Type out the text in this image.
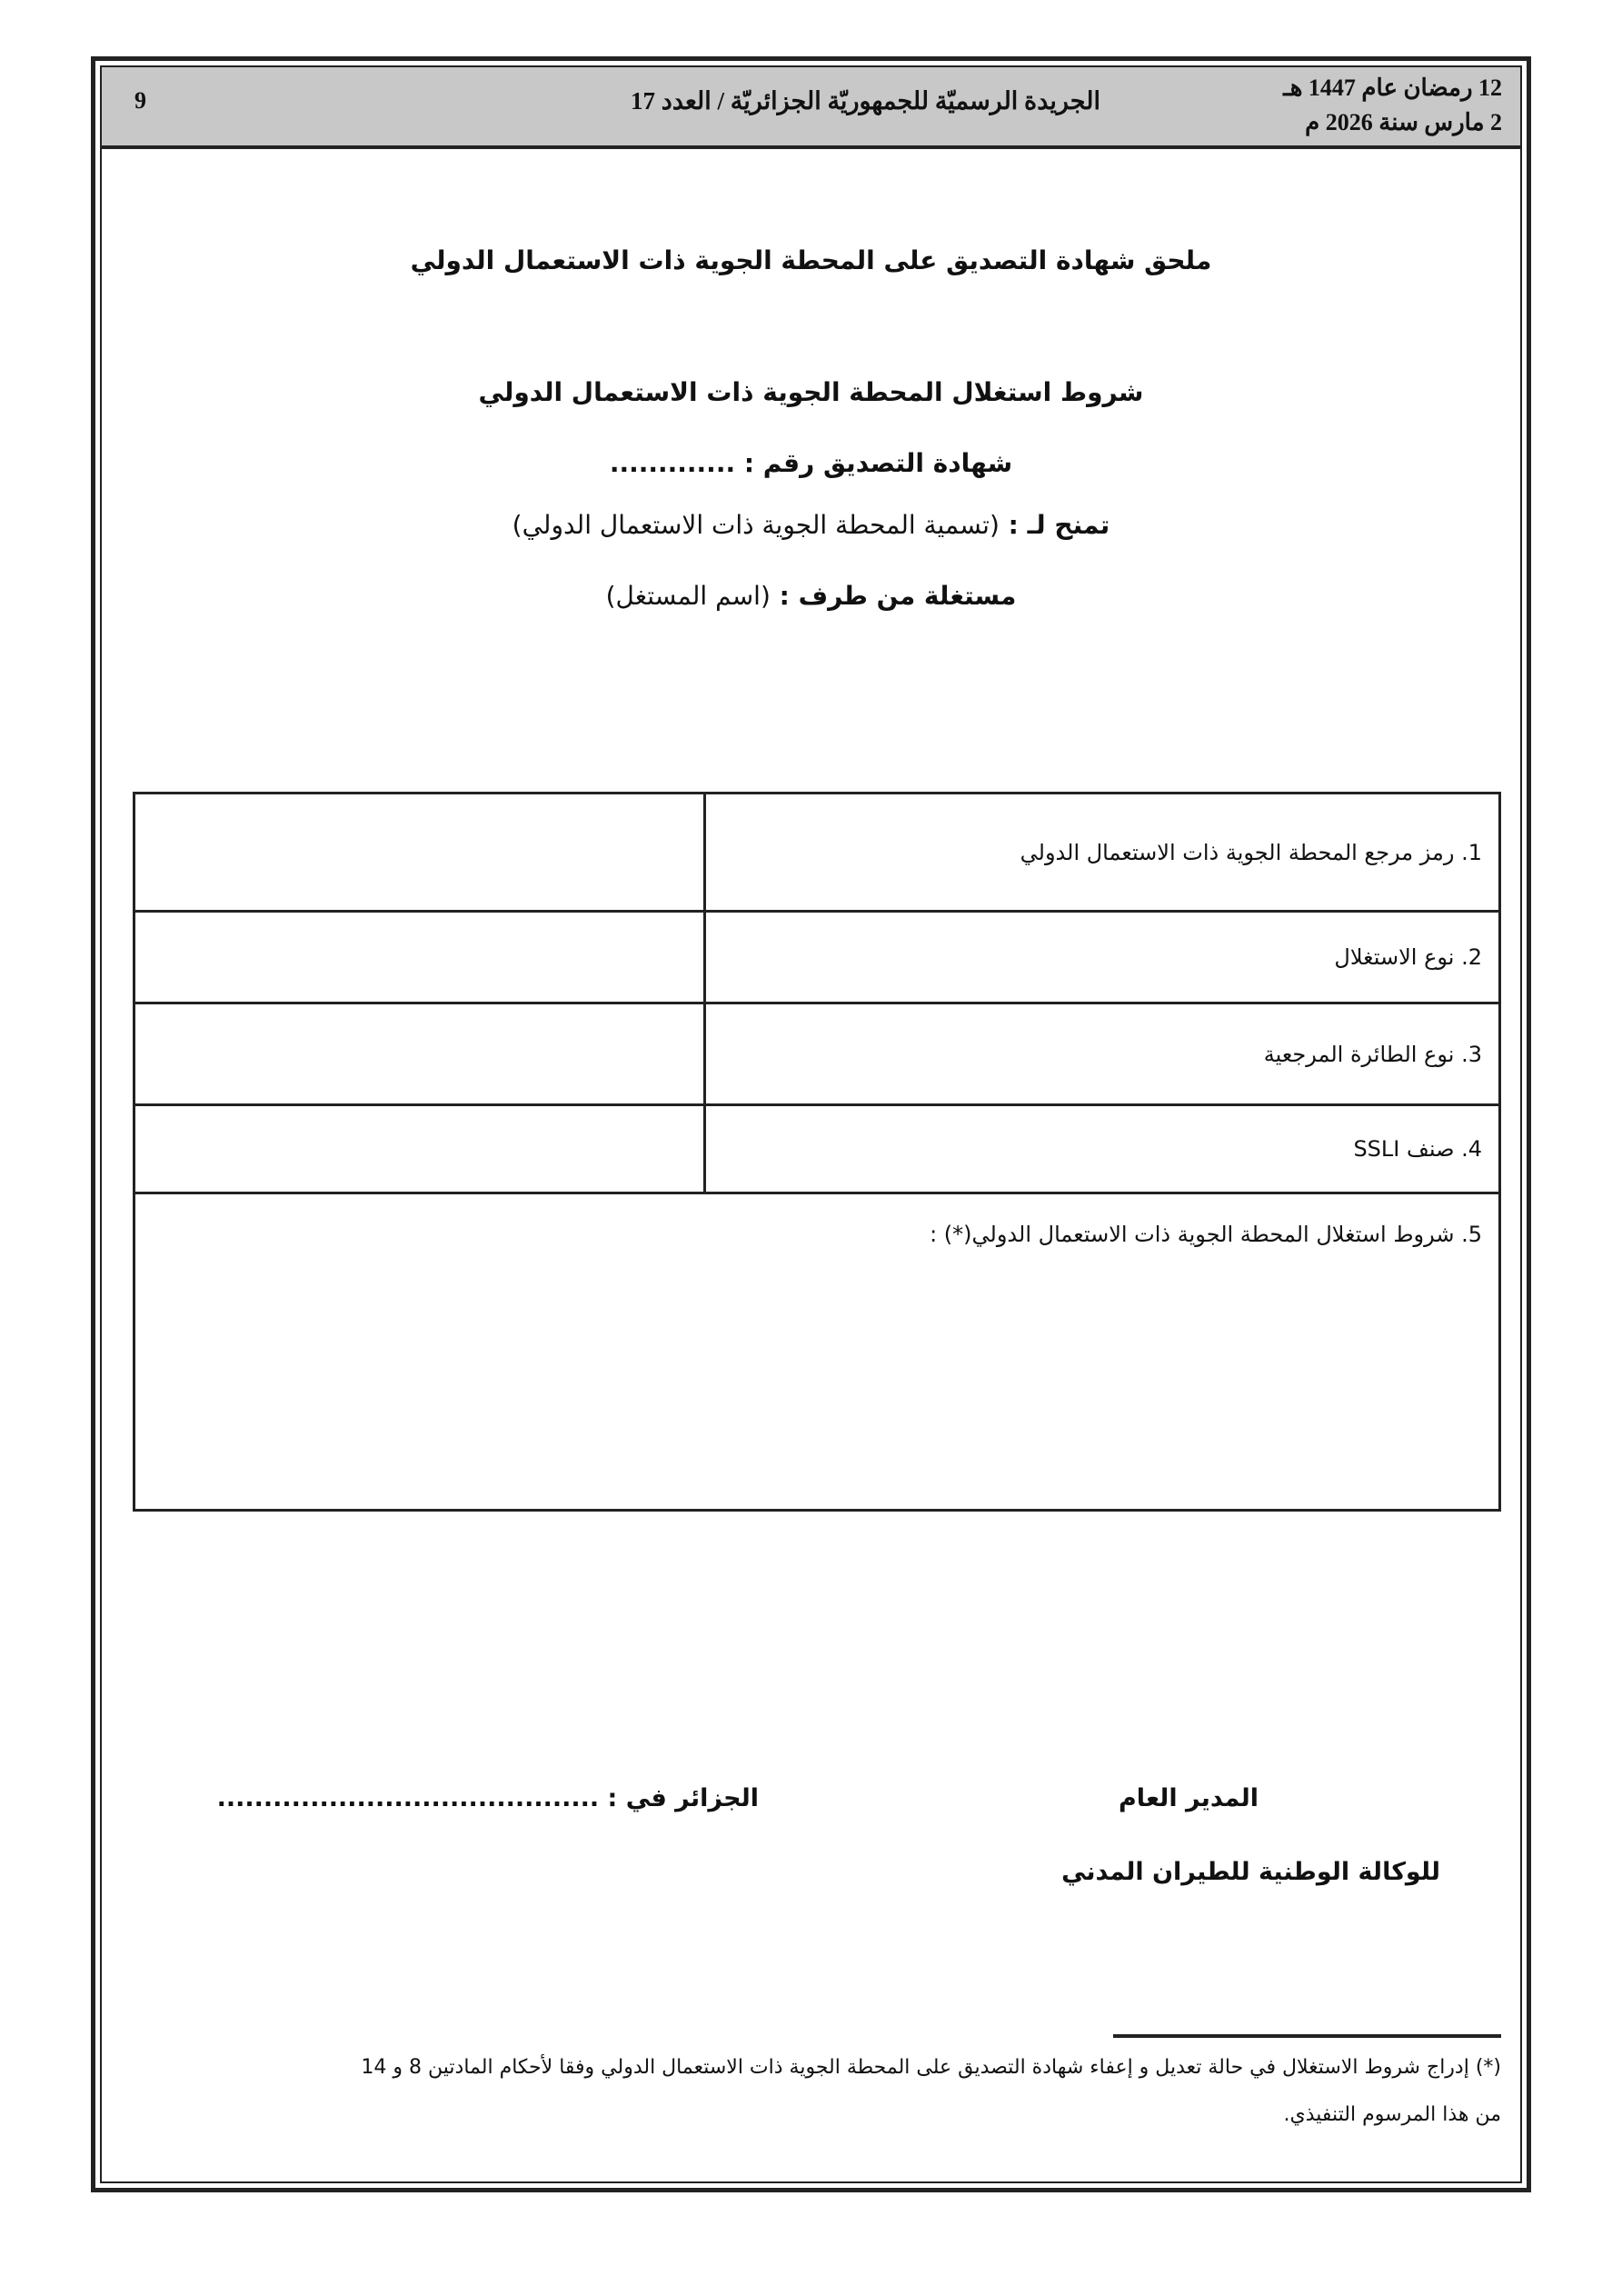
12 رمضان عام 1447 هـ
2 مارس سنة 2026 م
الجريدة الرسميّة للجمهوريّة الجزائريّة / العدد 17
9
ملحق شهادة التصديق على المحطة الجوية ذات الاستعمال الدولي
شروط استغلال المحطة الجوية ذات الاستعمال الدولي
شهادة التصديق رقم : .............
تمنح لـ : (تسمية المحطة الجوية ذات الاستعمال الدولي)
مستغلة من طرف : (اسم المستغل)
1. رمز مرجع المحطة الجوية ذات الاستعمال الدولي	
2. نوع الاستغلال	
3. نوع الطائرة المرجعية	
4. صنف SSLI	
5. شروط استغلال المحطة الجوية ذات الاستعمال الدولي(*) :	
المدير العام
للوكالة الوطنية للطيران المدني
الجزائر في : .........................................
(*) إدراج شروط الاستغلال في حالة تعديل و إعفاء شهادة التصديق على المحطة الجوية ذات الاستعمال الدولي وفقا لأحكام المادتين 8 و 14
من هذا المرسوم التنفيذي.
